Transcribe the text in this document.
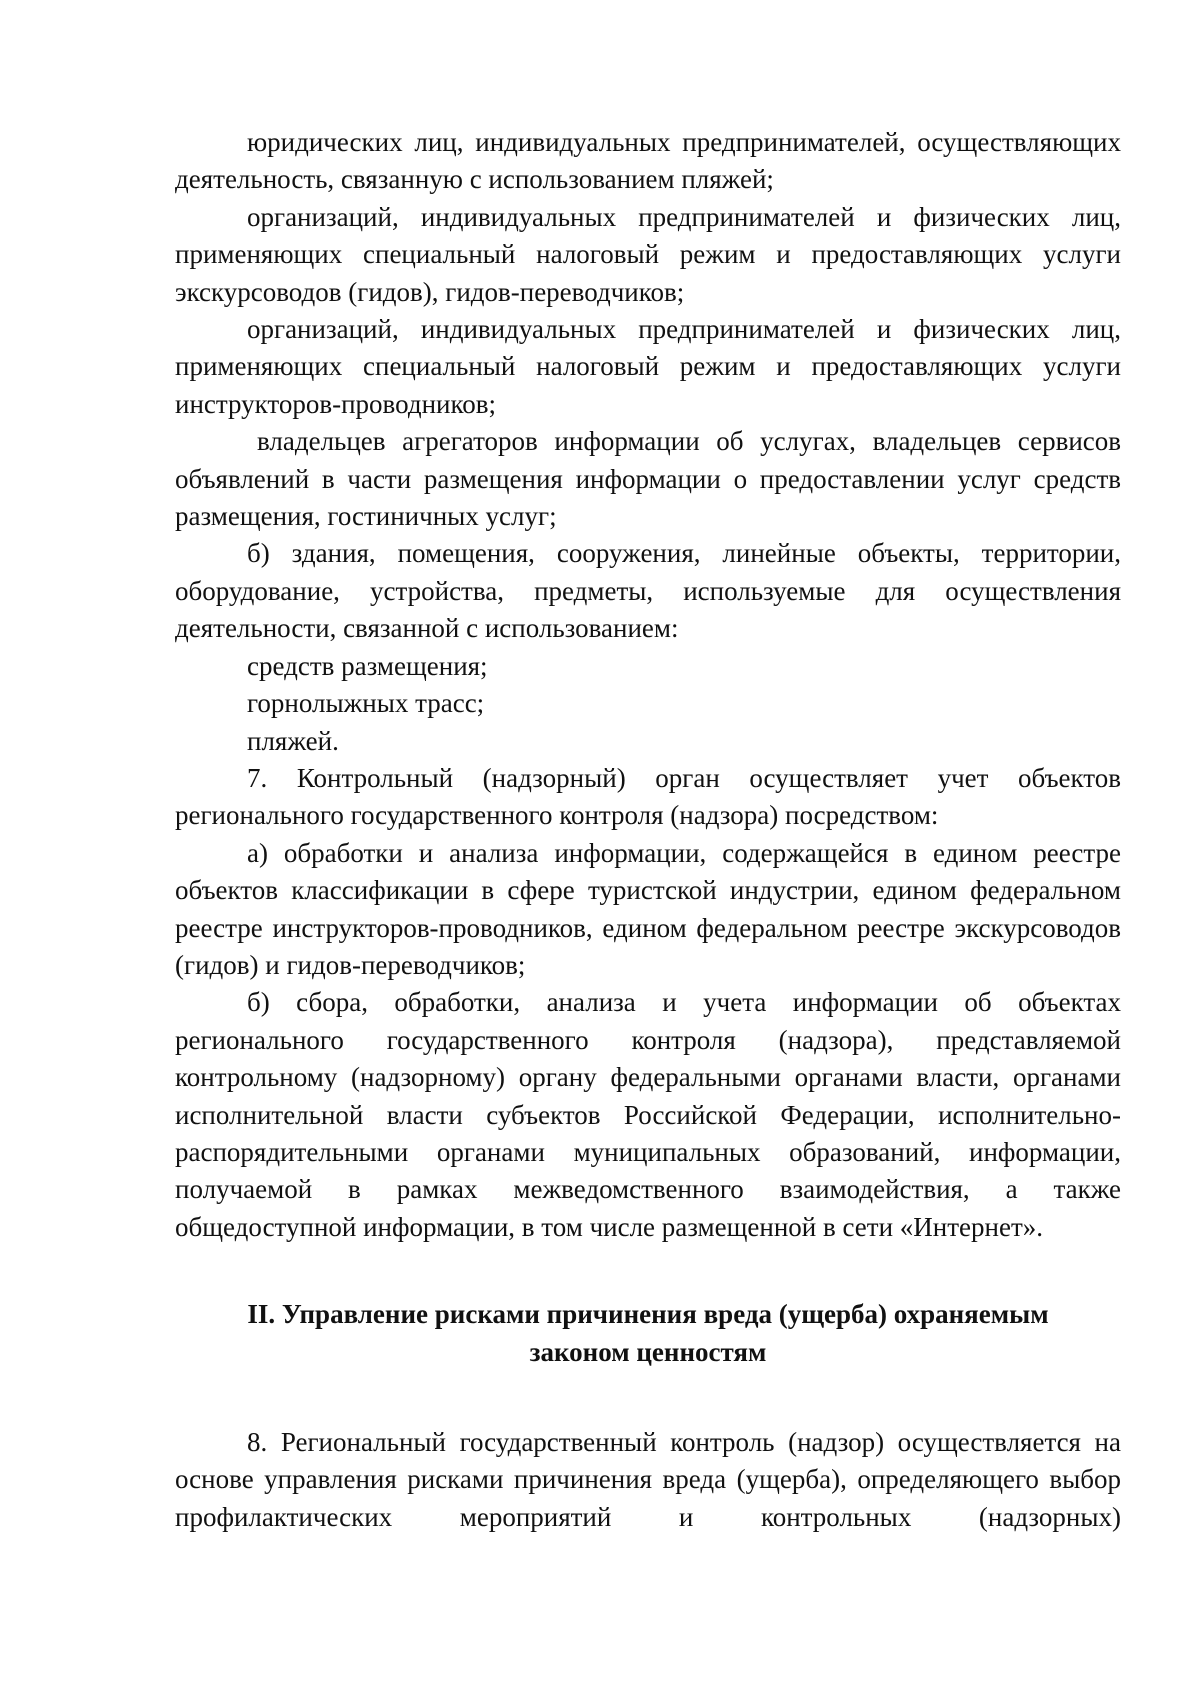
юридических лиц, индивидуальных предпринимателей, осуществляющих деятельность, связанную с использованием пляжей;

организаций, индивидуальных предпринимателей и физических лиц, применяющих специальный налоговый режим и предоставляющих услуги экскурсоводов (гидов), гидов-переводчиков;

организаций, индивидуальных предпринимателей и физических лиц, применяющих специальный налоговый режим и предоставляющих услуги инструкторов-проводников;

владельцев агрегаторов информации об услугах, владельцев сервисов объявлений в части размещения информации о предоставлении услуг средств размещения, гостиничных услуг;

б) здания, помещения, сооружения, линейные объекты, территории, оборудование, устройства, предметы, используемые для осуществления деятельности, связанной с использованием:

средств размещения;

горнолыжных трасс;

пляжей.

7. Контрольный (надзорный) орган осуществляет учет объектов регионального государственного контроля (надзора) посредством:

а) обработки и анализа информации, содержащейся в едином реестре объектов классификации в сфере туристской индустрии, едином федеральном реестре инструкторов-проводников, едином федеральном реестре экскурсоводов (гидов) и гидов-переводчиков;

б) сбора, обработки, анализа и учета информации об объектах регионального государственного контроля (надзора), представляемой контрольному (надзорному) органу федеральными органами власти, органами исполнительной власти субъектов Российской Федерации, исполнительно-распорядительными органами муниципальных образований, информации, получаемой в рамках межведомственного взаимодействия, а также общедоступной информации, в том числе размещенной в сети «Интернет».

II. Управление рисками причинения вреда (ущерба) охраняемым
законом ценностям

8. Региональный государственный контроль (надзор) осуществляется на основе управления рисками причинения вреда (ущерба), определяющего выбор профилактических мероприятий и контрольных (надзорных)
